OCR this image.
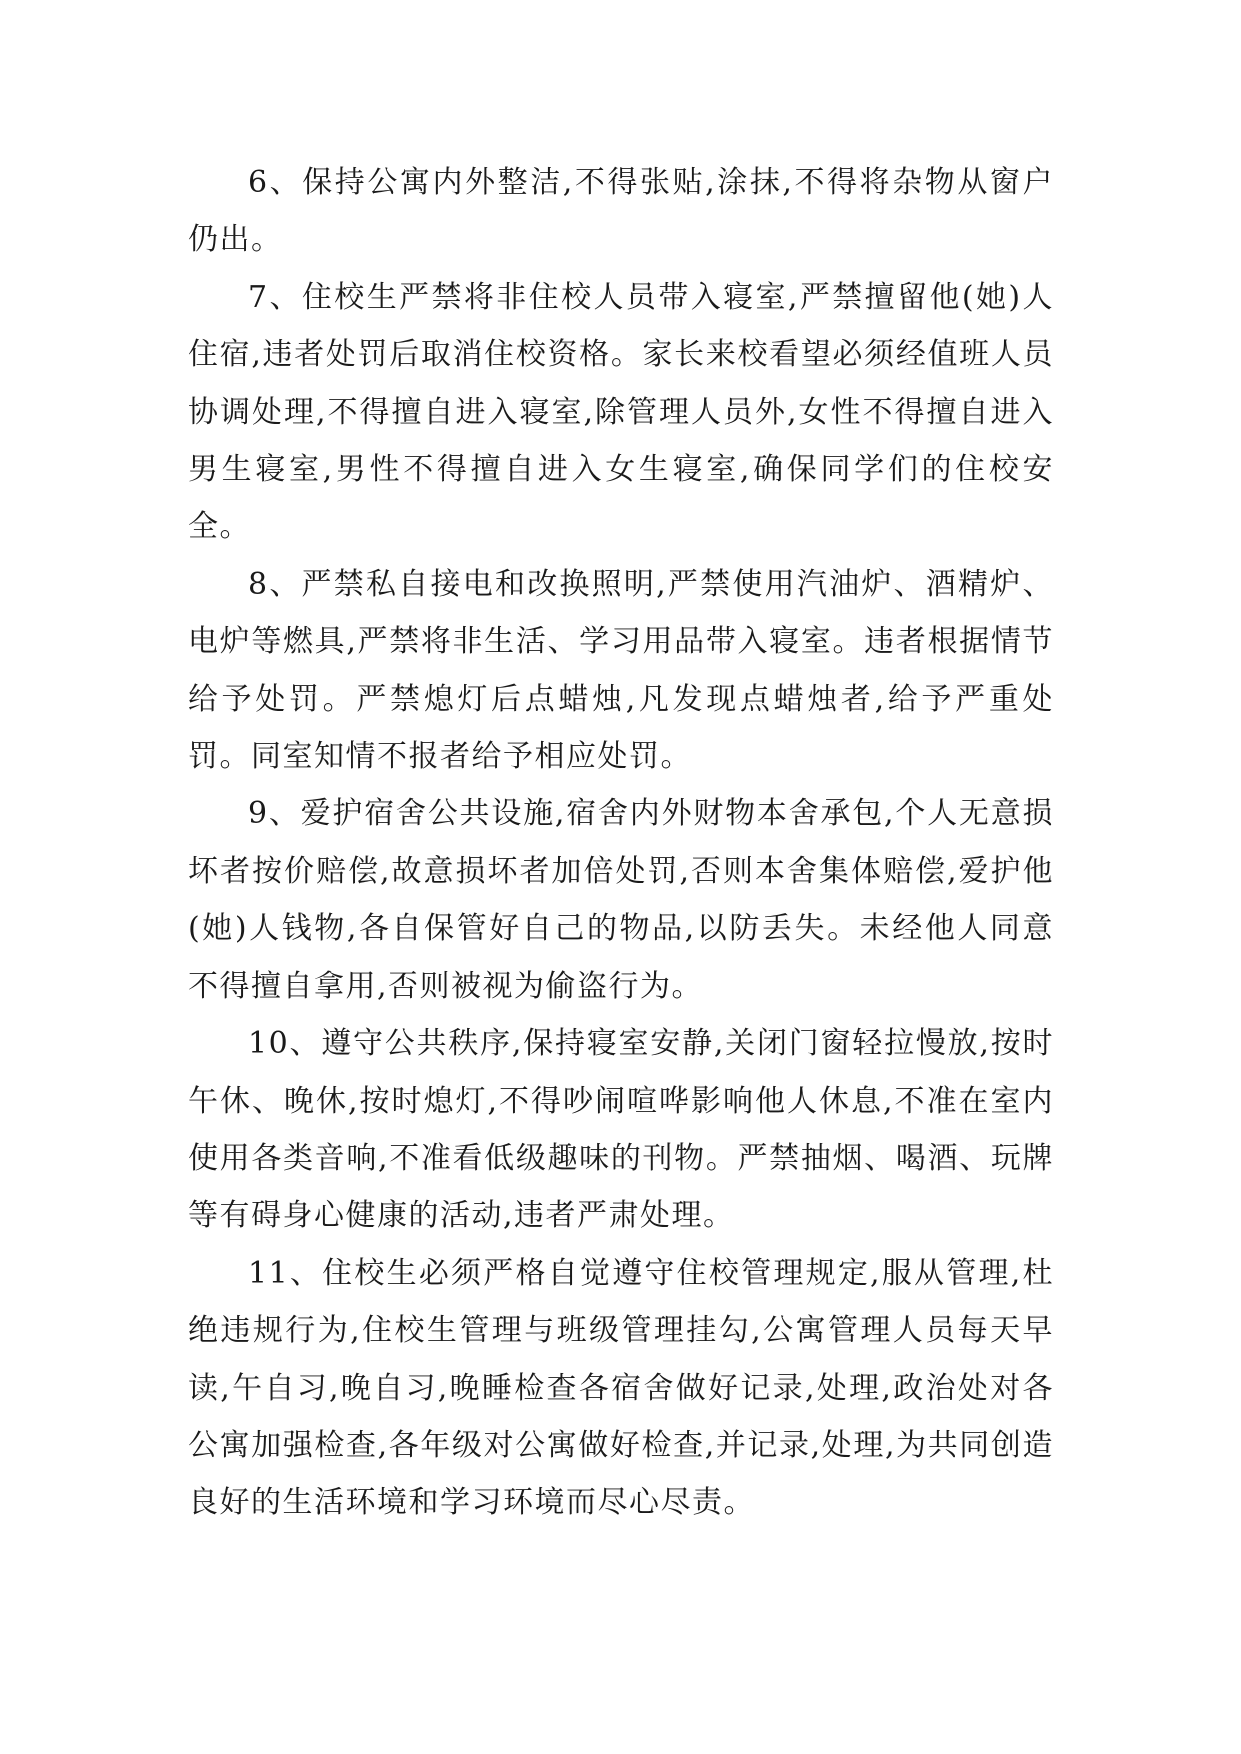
6、保持公寓内外整洁,不得张贴,涂抹,不得将杂物从窗户仍出。

7、住校生严禁将非住校人员带入寝室,严禁擅留他(她)人住宿,违者处罚后取消住校资格。家长来校看望必须经值班人员协调处理,不得擅自进入寝室,除管理人员外,女性不得擅自进入男生寝室,男性不得擅自进入女生寝室,确保同学们的住校安全。

8、严禁私自接电和改换照明,严禁使用汽油炉、酒精炉、电炉等燃具,严禁将非生活、学习用品带入寝室。违者根据情节给予处罚。严禁熄灯后点蜡烛,凡发现点蜡烛者,给予严重处罚。同室知情不报者给予相应处罚。

9、爱护宿舍公共设施,宿舍内外财物本舍承包,个人无意损坏者按价赔偿,故意损坏者加倍处罚,否则本舍集体赔偿,爱护他(她)人钱物,各自保管好自己的物品,以防丢失。未经他人同意不得擅自拿用,否则被视为偷盗行为。

10、遵守公共秩序,保持寝室安静,关闭门窗轻拉慢放,按时午休、晚休,按时熄灯,不得吵闹喧哗影响他人休息,不准在室内使用各类音响,不准看低级趣味的刊物。严禁抽烟、喝酒、玩牌等有碍身心健康的活动,违者严肃处理。

11、住校生必须严格自觉遵守住校管理规定,服从管理,杜绝违规行为,住校生管理与班级管理挂勾,公寓管理人员每天早读,午自习,晚自习,晚睡检查各宿舍做好记录,处理,政治处对各公寓加强检查,各年级对公寓做好检查,并记录,处理,为共同创造良好的生活环境和学习环境而尽心尽责。
